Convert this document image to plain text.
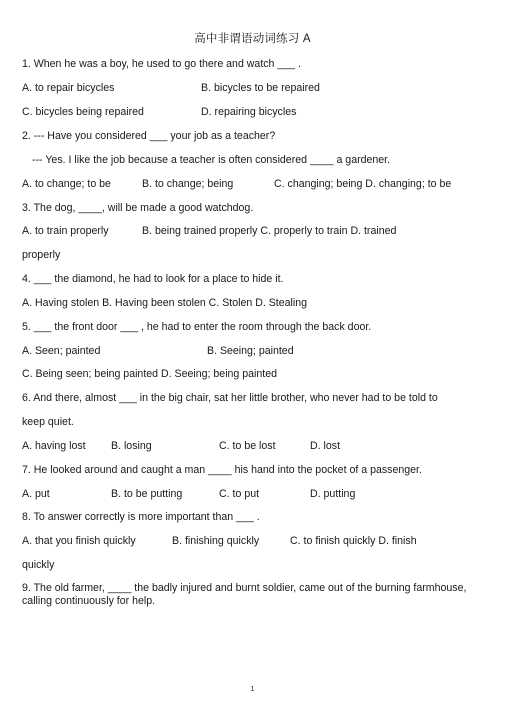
高中非谓语动词练习 A
1. When he was a boy, he used to go there and watch ___ .
A. to repair bicycles	B. bicycles to be repaired
C. bicycles being repaired	D. repairing bicycles
2. --- Have you considered ___ your job as a teacher?
--- Yes. I like the job because a teacher is often considered ____ a gardener.
A. to change; to be	B. to change; being	C. changing; being D. changing; to be
3. The dog, ____, will be made a good watchdog.
A. to train properly	B. being trained properly C. properly to train D. trained
properly
4. ___ the diamond, he had to look for a place to hide it.
A. Having stolen B. Having been stolen C. Stolen D. Stealing
5. ___ the front door ___ , he had to enter the room through the back door.
A. Seen; painted	B. Seeing; painted
C. Being seen; being painted D. Seeing; being painted
6. And there, almost ___ in the big chair, sat her little brother, who never had to be told to
keep quiet.
A. having lost B. losing	C. to be lost	D. lost
7. He looked around and caught a man ____ his hand into the pocket of a passenger.
A. put	B. to be putting	C. to put	D. putting
8. To answer correctly is more important than ___ .
A. that you finish quickly	B. finishing quickly	C. to finish quickly D. finish
quickly
9. The old farmer, ____ the badly injured and burnt soldier, came out of the burning farmhouse, calling continuously for help.
1
